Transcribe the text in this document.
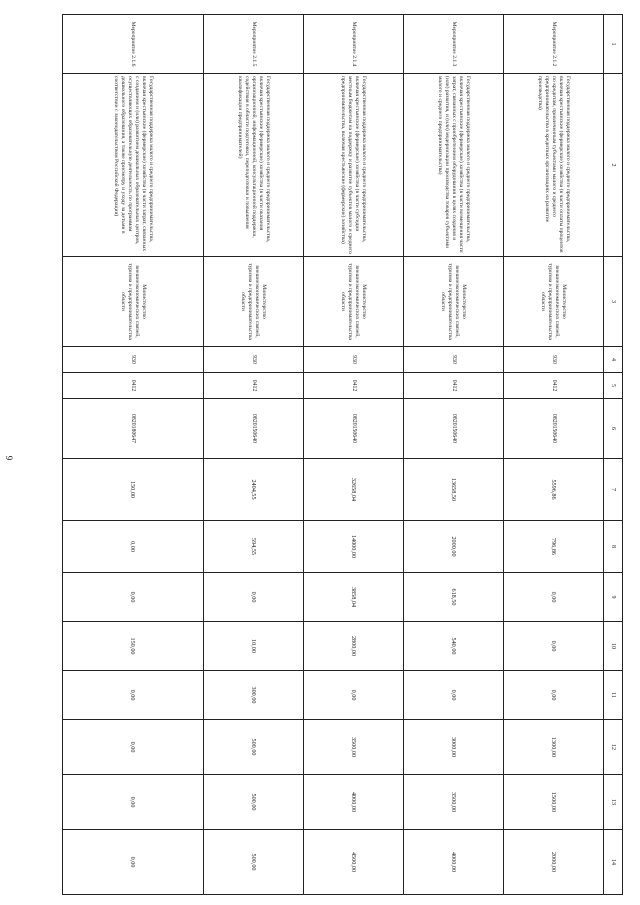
9
1	2	3	4	5	6	7	8	9	10	11	12	13	14
Мероприятие 2.1.2	Государственная поддержка малого и среднего предпринимательства, включая крестьянские (фермерские) хозяйства (в части оплаты процентов по кредитам, привлеченным субъектами малого и среднего предпринимательства в кредитных организациях на развитие производства)	Министерство внешнеэкономических связей, туризма и предпринимательства области	930	0412	0820150640	5596,86	796,86	0,00	0,00	0,00	1300,00	1500,00	2000,00
Мероприятие 2.1.3	Государственная поддержка малого и среднего предпринимательства, включая крестьянские (фермерские) хозяйства (в части возмещения части затрат, связанных с приобретением оборудования в целях создания и (или) развития, и (или) модернизации производства товаров субъектами малого и среднего предпринимательства)	Министерство внешнеэкономических связей, туризма и предпринимательства области	930	0412	0820150640	13658,50	2000,00	618,50	540,00	0,00	3000,00	3500,00	4000,00
Мероприятие 2.1.4	Государственная поддержка малого и среднего предпринимательства, включая крестьянские (фермерские) хозяйства (в части субсидии местным бюджетам на поддержку и развитие субъектов малого и среднего предпринимательства, включая крестьянские (фермерские) хозяйства)	Министерство внешнеэкономических связей, туризма и предпринимательства области	930	0412	0820150640	32658,04	14000,00	3858,04	2800,00	0,00	3500,00	4000,00	4500,00
Мероприятие 2.1.5	Государственная поддержка малого и среднего предпринимательства, включая крестьянские (фермерские) хозяйства (в части оказания организационной, информационной, консультационной поддержки, содействия в области подготовки, переподготовки и повышения квалификации предпринимателей)	Министерство внешнеэкономических связей, туризма и предпринимательства области	930	0412	0820150640	2404,55	594,55	0,00	10,00	300,00	500,00	500,00	500,00
Мероприятие 2.1.6	Государственная поддержка малого и среднего предпринимательства, включая крестьянские (фермерские) хозяйства (в части затрат, связанных с созданием и (или) развитием дошкольных образовательных центров, осуществляющих образовательную деятельность по программам дошкольного образования, а также присмотру и уходу за детьми в соответствии с законодательством Российской Федерации)	Министерство внешнеэкономических связей, туризма и предпринимательства области	930	0412	0820180647	150,00	0,00	0,00	150,00	0,00	0,00	0,00	0,00
